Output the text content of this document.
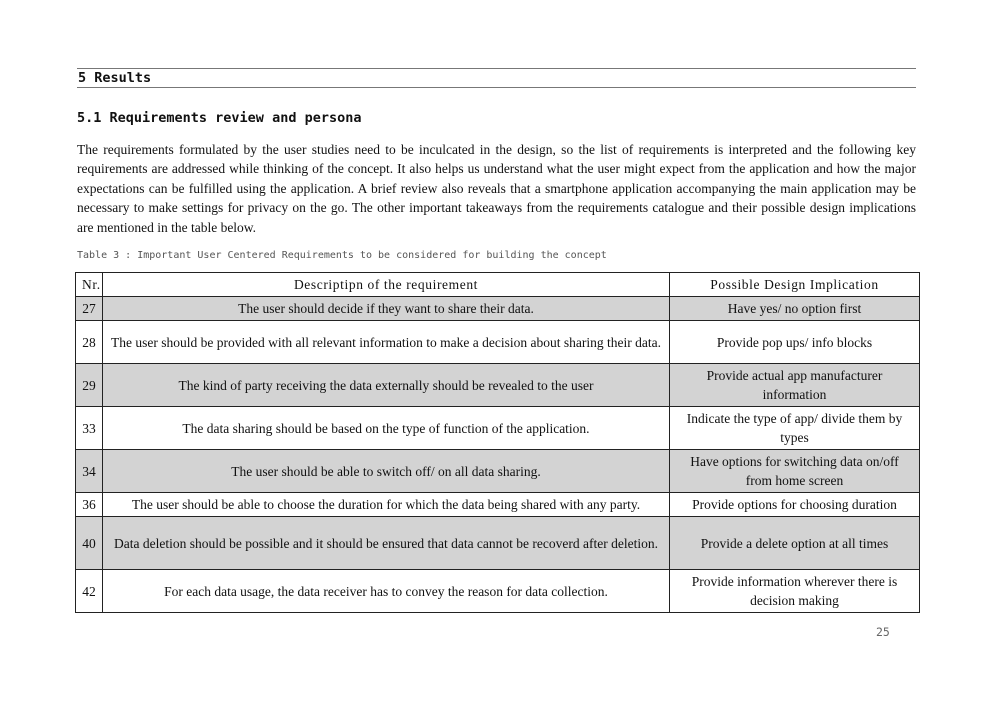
5 Results
5.1 Requirements review and persona

The requirements formulated by the user studies need to be inculcated in the design, so the list of requirements is interpreted and the following key requirements are addressed while thinking of the concept. It also helps us understand what the user might expect from the application and how the major expectations can be fulfilled using the application. A brief review also reveals that a smartphone application accompanying the main application may be necessary to make settings for privacy on the go. The other important takeaways from the requirements catalogue and their possible design implications are mentioned in the table below.

Table 3 : Important User Centered Requirements to be considered for building the concept
Nr.	Descriptipn of the requirement	Possible Design Implication
27	The user should decide if they want to share their data.	Have yes/ no option first
28	The user should be provided with all relevant information to make a decision about sharing their data.	Provide pop ups/ info blocks
29	The kind of party receiving the data externally should be revealed to the user	Provide actual app manufacturer information
33	The data sharing should be based on the type of function of the application.	Indicate the type of app/ divide them by types
34	The user should be able to switch off/ on all data sharing.	Have options for switching data on/off from home screen
36	The user should be able to choose the duration for which the data being shared with any party.	Provide options for choosing duration
40	Data deletion should be possible and it should be ensured that data cannot be recoverd after deletion.	Provide a delete option at all times
42	For each data usage, the data receiver has to convey the reason for data collection.	Provide information wherever there is decision making
25
